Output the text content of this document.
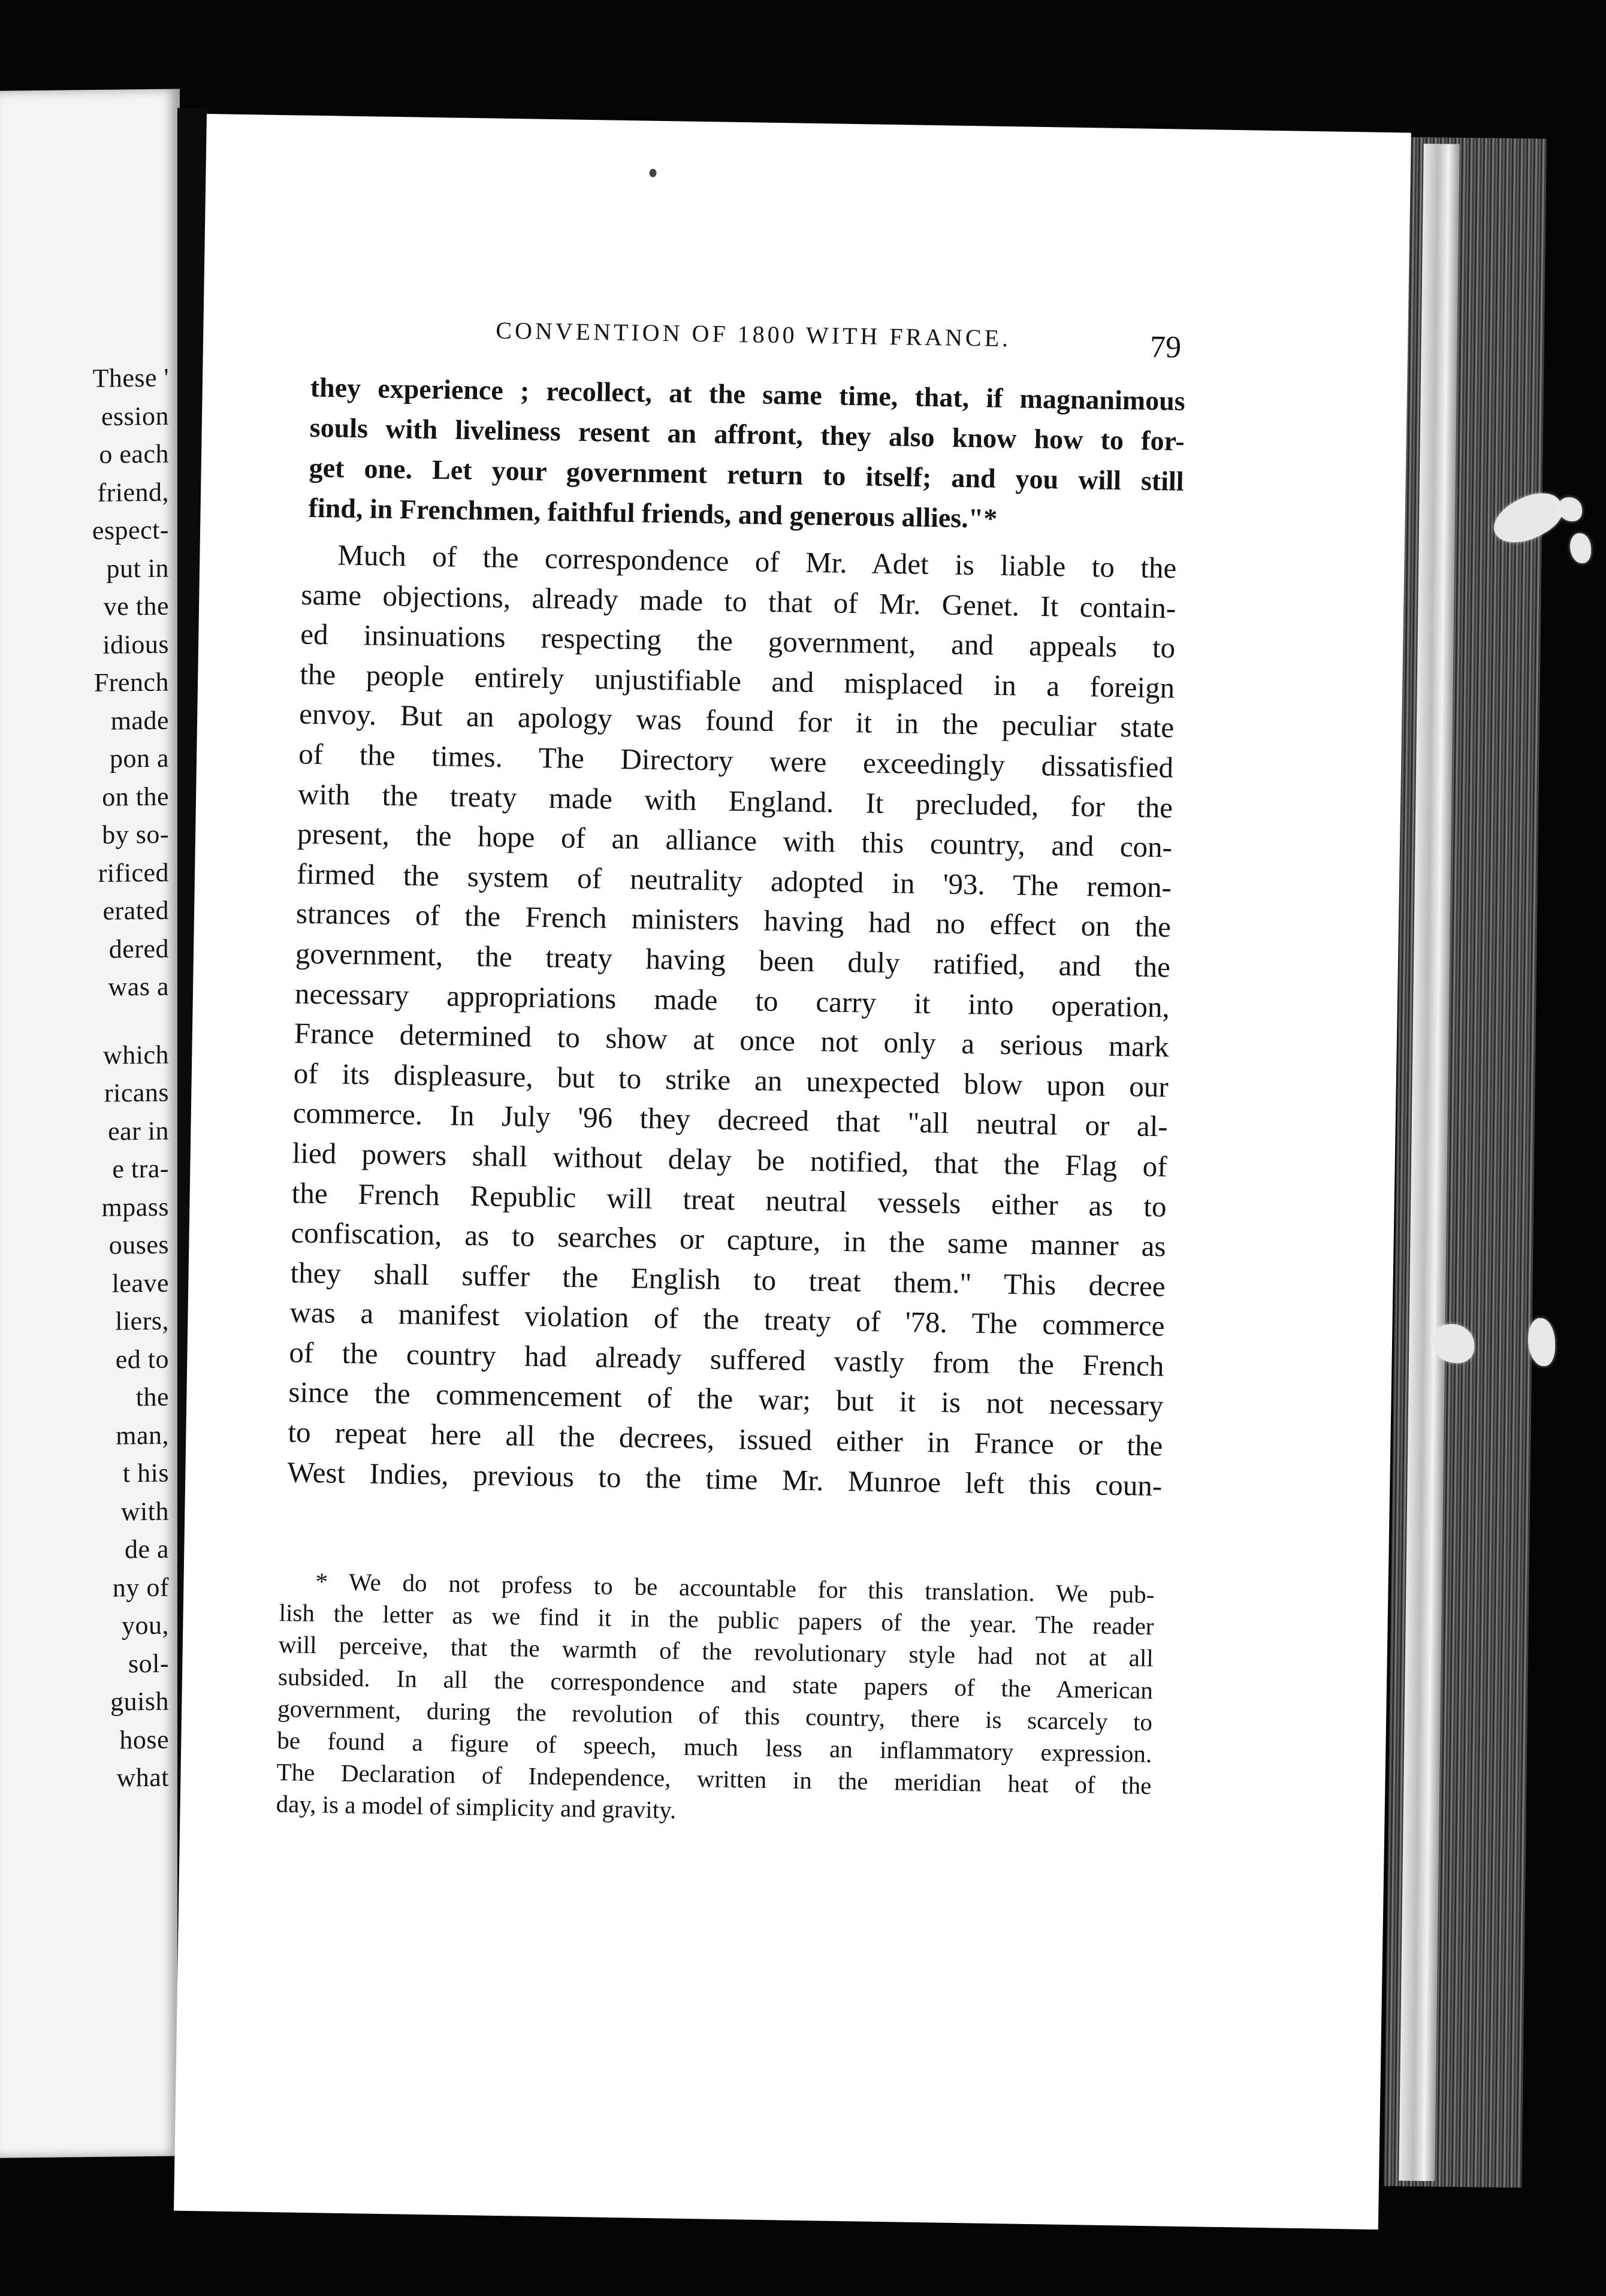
These '
ession
o each
friend,
espect-
put in
ve the
idious
French
made
pon a
on the
by so-
rificed
erated
dered
was a
which
ricans
ear in
e tra-
mpass
ouses
leave
liers,
ed to
the
man,
t his
with
de a
ny of
you,
sol-
guish
hose
what
CONVENTION OF 1800 WITH FRANCE.	79
they experience ; recollect, at the same time, that, if magnanimous
souls with liveliness resent an affront, they also know how to for-
get one. Let your government return to itself; and you will still
find, in Frenchmen, faithful friends, and generous allies."*
Much of the correspondence of Mr. Adet is liable to the
same objections, already made to that of Mr. Genet. It contain-
ed insinuations respecting the government, and appeals to
the people entirely unjustifiable and misplaced in a foreign
envoy. But an apology was found for it in the peculiar state
of the times. The Directory were exceedingly dissatisfied
with the treaty made with England. It precluded, for the
present, the hope of an alliance with this country, and con-
firmed the system of neutrality adopted in '93. The remon-
strances of the French ministers having had no effect on the
government, the treaty having been duly ratified, and the
necessary appropriations made to carry it into operation,
France determined to show at once not only a serious mark
of its displeasure, but to strike an unexpected blow upon our
commerce. In July '96 they decreed that "all neutral or al-
lied powers shall without delay be notified, that the Flag of
the French Republic will treat neutral vessels either as to
confiscation, as to searches or capture, in the same manner as
they shall suffer the English to treat them." This decree
was a manifest violation of the treaty of '78. The commerce
of the country had already suffered vastly from the French
since the commencement of the war; but it is not necessary
to repeat here all the decrees, issued either in France or the
West Indies, previous to the time Mr. Munroe left this coun-
* We do not profess to be accountable for this translation. We pub-
lish the letter as we find it in the public papers of the year. The reader
will perceive, that the warmth of the revolutionary style had not at all
subsided. In all the correspondence and state papers of the American
government, during the revolution of this country, there is scarcely to
be found a figure of speech, much less an inflammatory expression.
The Declaration of Independence, written in the meridian heat of the
day, is a model of simplicity and gravity.
